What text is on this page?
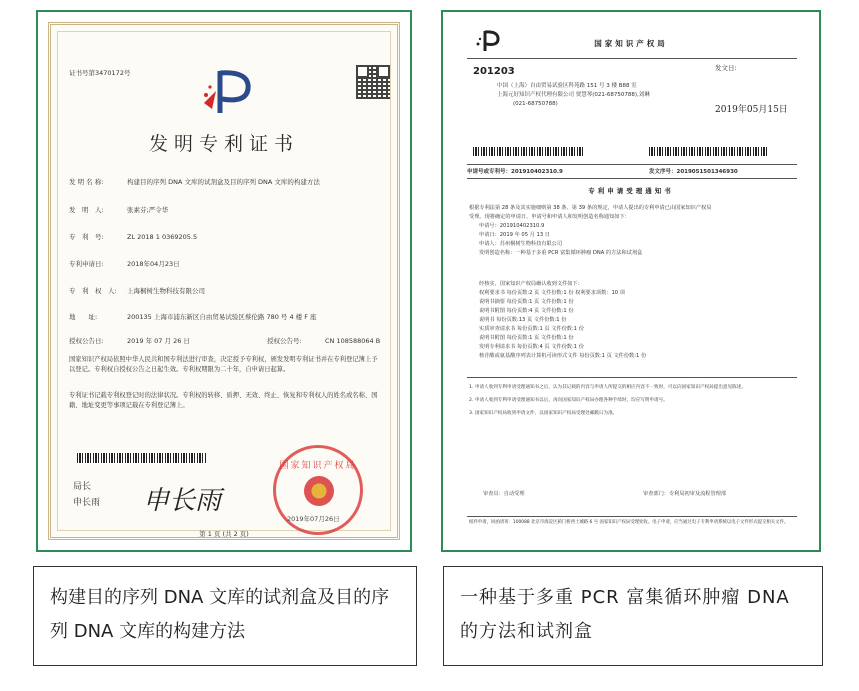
证书号第3470172号
发明专利证书
发 明 名 称:	构建目的序列 DNA 文库的试剂盒及目的序列 DNA 文库的构建方法
发　明　人:	张素芬;严令华
专　利　号:	ZL 2018 1 0369205.5
专利申请日:	2018年04月23日
专　利　权　人: 上海桐树生物科技有限公司
地　　址:	200135 上海市浦东新区自由贸易试验区蔡伦路 780 号 4 楼 F 座
授权公告日:	2019 年 07 月 26 日	授权公告号:	CN 108588064 B
国家知识产权局依照中华人民共和国专利法进行审查，决定授予专利权，颁发发明专利证书并在专利登记簿上予以登记。专利权自授权公告之日起生效。专利权期限为二十年，自申请日起算。
专利证书记载专利权登记时的法律状况。专利权的转移、质押、无效、终止、恢复和专利权人的姓名或名称、国籍、地址变更等事项记载在专利登记簿上。
局长
申长雨 申长雨
国家知识产权局
2019年07月26日
第 1 页 (共 2 页)
国家知识产权局
201203
中国（上海）自由贸易试验区科苑路 151 号 3 楼 B88 室
上海元好知识产权代理有限公司 贾慧琴(021-68750788),刘琳
(021-68750788)
发文日:
2019年05月15日
申请号或专利号：201910402310.9	发文序号：2019051501346930
专利申请受理通知书
根据专利法第 28 条及其实施细则第 38 条、第 39 条的规定，申请人提出的专利申请已由国家知识产权局
受理。现将确定的申请日、申请号和申请人和发明创造名称通知如下：
申请号：201910402310.9
申请日：2019 年 05 月 13 日
申请人：苏州桐树生物科技有限公司
发明创造名称：一种基于多重 PCR 富集循环肿瘤 DNA 的方法和试剂盒
经核实，国家知识产权局确认收到文件如下：
权利要求书 每份页数:2 页 文件份数:1 份 权利要求项数：10 项
说明书摘要 每份页数:1 页 文件份数:1 份
说明书附图 每份页数:4 页 文件份数:1 份
说明书 每份页数:13 页 文件份数:1 份
实质审查请求书 每份页数:1 页 文件份数:1 份
说明书附图 每份页数:1 页 文件份数:1 份
发明专利请求书 每份页数:4 页 文件份数:1 份
核苷酸或氨基酸序列表计算机可读形式文件 每份页数:1 页 文件份数:1 份
1. 申请人收到专利申请受理通知书之后，认为其记载的内容与申请人所提交的相应内容不一致时，可以向国家知识产权局提出意见陈述。
2. 申请人收到专利申请受理通知书以后，再向国家知识产权局办理各种手续时，均应写明申请号。
3. 国家知识产权局收到申请文件，以国家知识产权局受理处邮戳日为准。
审查员：自动受理	审查部门：专利局初审及流程管理部
纸件申请，回函请寄：100088 北京市海淀区蓟门桥西土城路 6 号 国家知识产权局受理处收。电子申请，应当通过电子专利申请系统以电子文件形式提交相关文件。
构建目的序列 DNA 文库的试剂盒及目的序列 DNA 文库的构建方法
一种基于多重 PCR 富集循环肿瘤 DNA 的方法和试剂盒
